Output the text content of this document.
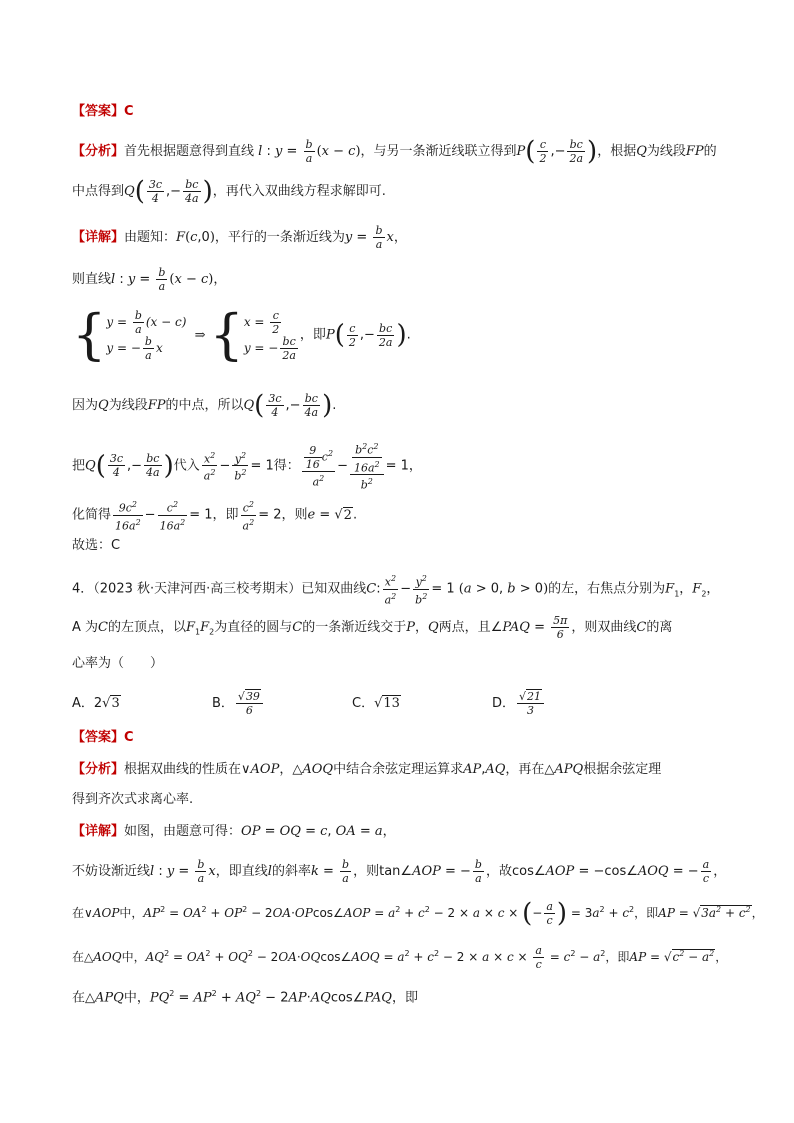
【答案】C
【分析】首先根据题意得到直线 l : $y = \frac{b}{a} (x - c)$，与另一条渐近线联立得到$P( \frac{c}{2}$ ,− $\frac{bc}{2a}$ )，根据Q为线段FP的
中点得到$Q( \frac{3c}{4}$ ,− $\frac{bc}{4a}$ )，再代入双曲线方程求解即可.
【详解】由题知：F(c,0)，平行的一条渐近线为$y = \frac{b}{a}$ x，
则直线l : $y = \frac{b}{a} (x - c)$，
{ $y = \frac{b}{a} (x - c)$
y = − $\frac{b}{a}$ x
⇒{ $x = \frac{c}{2}$
y = − $\frac{bc}{2a}$ ，即$P( \frac{c}{2}$ ,− $\frac{bc}{2a}$ ).
因为Q为线段FP的中点，所以$Q( \frac{3c}{4}$ ,− $\frac{bc}{4a}$ ).
把$Q( \frac{3c}{4}$ ,− $\frac{bc}{4a}$ )代入 $\frac{x^2}{a^2} - \frac{y^2}{b^2} = 1$得： $\frac{\frac{9}{16} c^2}{a^2} - \frac{\frac{b^2c^2}{16a^2}}{b^2} = 1$，
化简得 $\frac{9c^2}{16a^2} - \frac{c^2}{16a^2} = 1$，即 $\frac{c^2}{a^2} = 2$，则e = √2.
故选：C
4．（2023 秋·天津河西·高三校考期末）已知双曲线C: $\frac{x^2}{a^2} - \frac{y^2}{b^2} = 1$ (a > 0, b > 0)的左，右焦点分别为$F_1$，$F_2$，
A 为C的左顶点，以$F_1F_2$为直径的圆与C的一条渐近线交于P，Q两点，且∠PAQ = $\frac{5\pi}{6}$ ，则双曲线C的离
心率为（　　）
A．2√3	B． $\frac{√39}{6}$	C．√13	D． $\frac{√21}{3}$
【答案】C
【分析】根据双曲线的性质在∨AOP，△AOQ中结合余弦定理运算求AP,AQ，再在△APQ根据余弦定理
得到齐次式求离心率.
【详解】如图，由题意可得：OP = OQ = c, OA = a，
不妨设渐近线l : $y = \frac{b}{a}$ x，即直线l的斜率$k = \frac{b}{a}$ ，则tan∠AOP = − $\frac{b}{a}$ ，故cos∠AOP = −cos∠AOQ = − $\frac{a}{c}$ ，
在∨AOP中，$AP^2 = OA^2 + OP^2$ − 2OA·OPcos∠AOP = $a^2 + c^2 - 2 \times a \times c$ × (− $\frac{a}{c}$ ) = $3a^2 + c^2$，即AP = $√3a^2 + c^2$，
在△AOQ中，$AQ^2 = OA^2 + OQ^2$ − 2OA·OQcos∠AOQ = $a^2 + c^2 - 2 \times a \times c \times \frac{a}{c} = c^2 - a^2$，即AP = $√c^2 - a^2$，
在△APQ中，$PQ^2 = AP^2 + AQ^2$ − 2AP·AQcos∠PAQ，即
